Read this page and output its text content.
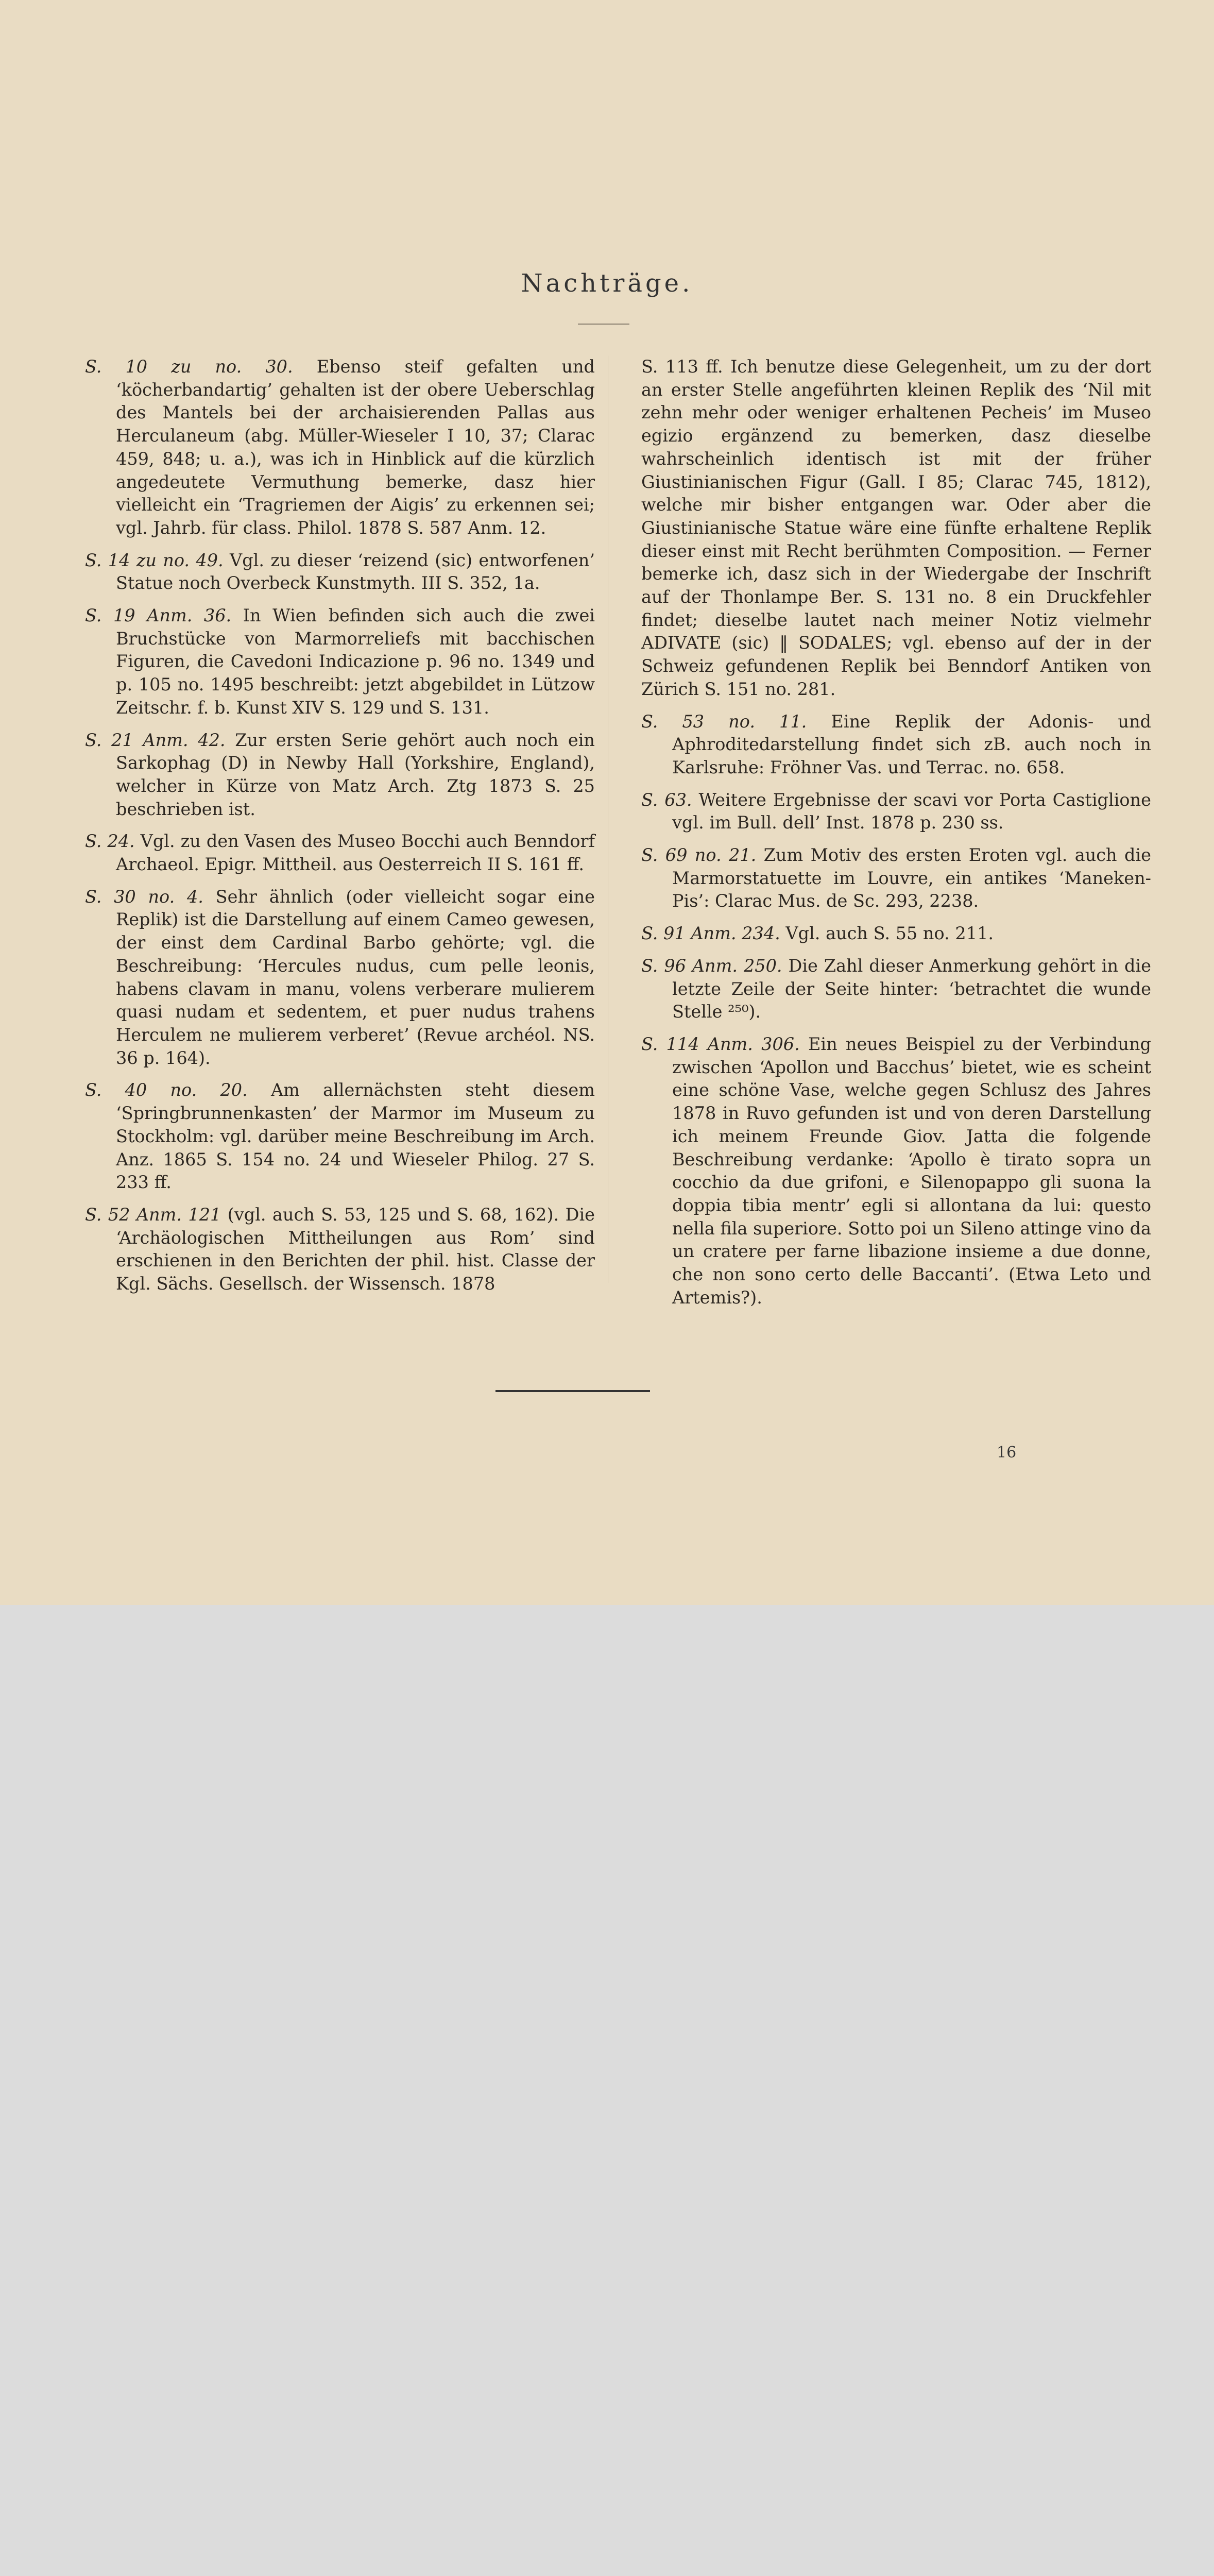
Nachträge.

S. 10 zu no. 30. Ebenso steif gefalten und ‘köcherbandartig’ gehalten ist der obere Ueberschlag des Mantels bei der archaisierenden Pallas aus Herculaneum (abg. Müller-Wieseler I 10, 37; Clarac 459, 848; u. a.), was ich in Hinblick auf die kürzlich angedeutete Vermuthung bemerke, dasz hier vielleicht ein ‘Tragriemen der Aigis’ zu erkennen sei; vgl. Jahrb. für class. Philol. 1878 S. 587 Anm. 12.

S. 14 zu no. 49. Vgl. zu dieser ‘reizend (sic) entworfenen’ Statue noch Overbeck Kunstmyth. III S. 352, 1a.

S. 19 Anm. 36. In Wien befinden sich auch die zwei Bruchstücke von Marmorreliefs mit bacchischen Figuren, die Cavedoni Indicazione p. 96 no. 1349 und p. 105 no. 1495 beschreibt: jetzt abgebildet in Lützow Zeitschr. f. b. Kunst XIV S. 129 und S. 131.

S. 21 Anm. 42. Zur ersten Serie gehört auch noch ein Sarkophag (D) in Newby Hall (Yorkshire, England), welcher in Kürze von Matz Arch. Ztg 1873 S. 25 beschrieben ist.

S. 24. Vgl. zu den Vasen des Museo Bocchi auch Benndorf Archaeol. Epigr. Mittheil. aus Oesterreich II S. 161 ff.

S. 30 no. 4. Sehr ähnlich (oder vielleicht sogar eine Replik) ist die Darstellung auf einem Cameo gewesen, der einst dem Cardinal Barbo gehörte; vgl. die Beschreibung: ‘Hercules nudus, cum pelle leonis, habens clavam in manu, volens verberare mulierem quasi nudam et sedentem, et puer nudus trahens Herculem ne mulierem verberet’ (Revue archéol. NS. 36 p. 164).

S. 40 no. 20. Am allernächsten steht diesem ‘Springbrunnenkasten’ der Marmor im Museum zu Stockholm: vgl. darüber meine Beschreibung im Arch. Anz. 1865 S. 154 no. 24 und Wieseler Philog. 27 S. 233 ff.

S. 52 Anm. 121 (vgl. auch S. 53, 125 und S. 68, 162). Die ‘Archäologischen Mittheilungen aus Rom’ sind erschienen in den Berichten der phil. hist. Classe der Kgl. Sächs. Gesellsch. der Wissensch. 1878

S. 113 ff. Ich benutze diese Gelegenheit, um zu der dort an erster Stelle angeführten kleinen Replik des ‘Nil mit zehn mehr oder weniger erhaltenen Pecheis’ im Museo egizio ergänzend zu bemerken, dasz dieselbe wahrscheinlich identisch ist mit der früher Giustinianischen Figur (Gall. I 85; Clarac 745, 1812), welche mir bisher entgangen war. Oder aber die Giustinianische Statue wäre eine fünfte erhaltene Replik dieser einst mit Recht berühmten Composition. — Ferner bemerke ich, dasz sich in der Wiedergabe der Inschrift auf der Thonlampe Ber. S. 131 no. 8 ein Druckfehler findet; dieselbe lautet nach meiner Notiz vielmehr ADIVATE (sic) ‖ SODALES; vgl. ebenso auf der in der Schweiz gefundenen Replik bei Benndorf Antiken von Zürich S. 151 no. 281.

S. 53 no. 11. Eine Replik der Adonis- und Aphroditedarstellung findet sich zB. auch noch in Karlsruhe: Fröhner Vas. und Terrac. no. 658.

S. 63. Weitere Ergebnisse der scavi vor Porta Castiglione vgl. im Bull. dell’ Inst. 1878 p. 230 ss.

S. 69 no. 21. Zum Motiv des ersten Eroten vgl. auch die Marmorstatuette im Louvre, ein antikes ‘Maneken-Pis’: Clarac Mus. de Sc. 293, 2238.

S. 91 Anm. 234. Vgl. auch S. 55 no. 211.

S. 96 Anm. 250. Die Zahl dieser Anmerkung gehört in die letzte Zeile der Seite hinter: ‘betrachtet die wunde Stelle ²⁵⁰).

S. 114 Anm. 306. Ein neues Beispiel zu der Verbindung zwischen ‘Apollon und Bacchus’ bietet, wie es scheint eine schöne Vase, welche gegen Schlusz des Jahres 1878 in Ruvo gefunden ist und von deren Darstellung ich meinem Freunde Giov. Jatta die folgende Beschreibung verdanke: ‘Apollo è tirato sopra un cocchio da due grifoni, e Silenopappo gli suona la doppia tibia mentr’ egli si allontana da lui: questo nella fila superiore. Sotto poi un Sileno attinge vino da un cratere per farne libazione insieme a due donne, che non sono certo delle Baccanti’. (Etwa Leto und Artemis?).

16
